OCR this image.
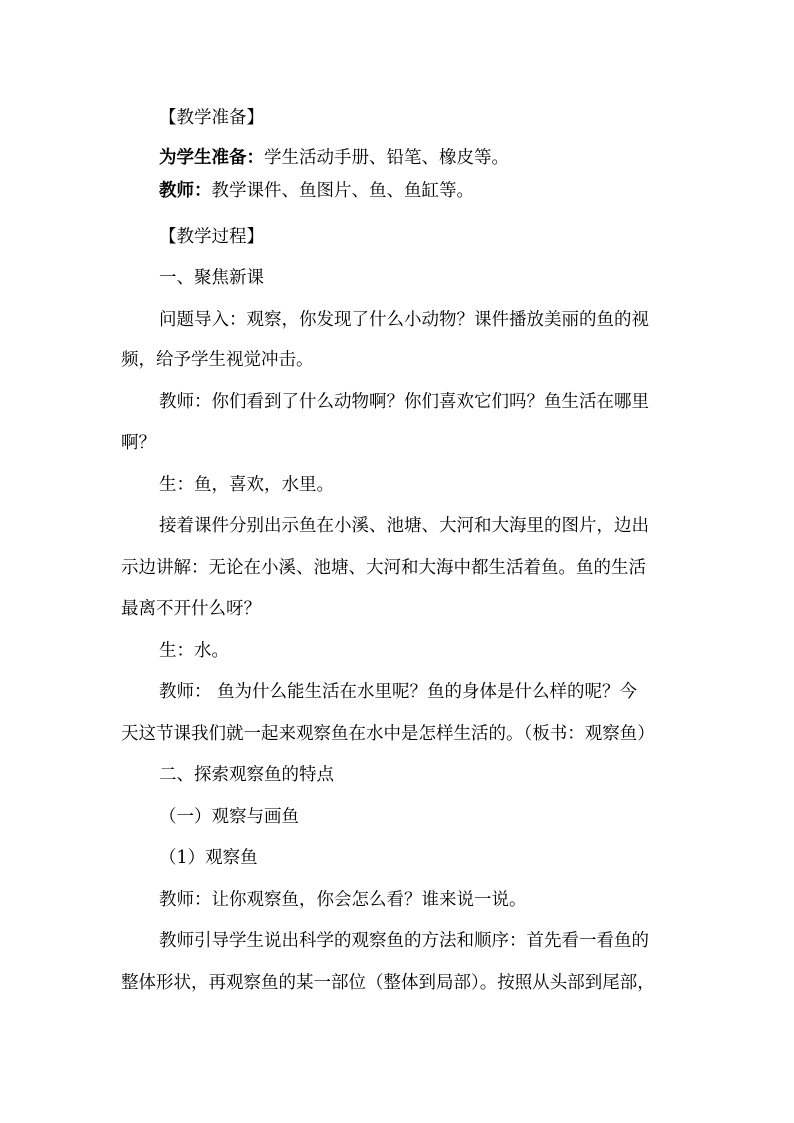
【教学准备】
为学生准备：学生活动手册、铅笔、橡皮等。
教师：教学课件、鱼图片、鱼、鱼缸等。
【教学过程】
一、聚焦新课
问题导入：观察，你发现了什么小动物？课件播放美丽的鱼的视
频，给予学生视觉冲击。
教师：你们看到了什么动物啊？你们喜欢它们吗？鱼生活在哪里
啊？
生：鱼，喜欢，水里。
接着课件分别出示鱼在小溪、池塘、大河和大海里的图片，边出
示边讲解：无论在小溪、池塘、大河和大海中都生活着鱼。鱼的生活
最离不开什么呀？
生：水。
教师： 鱼为什么能生活在水里呢？鱼的身体是什么样的呢？今
天这节课我们就一起来观察鱼在水中是怎样生活的。（板书：观察鱼）
二、探索观察鱼的特点
（一）观察与画鱼
（1）观察鱼
教师：让你观察鱼，你会怎么看？谁来说一说。
教师引导学生说出科学的观察鱼的方法和顺序：首先看一看鱼的
整体形状，再观察鱼的某一部位（整体到局部）。按照从头部到尾部，
